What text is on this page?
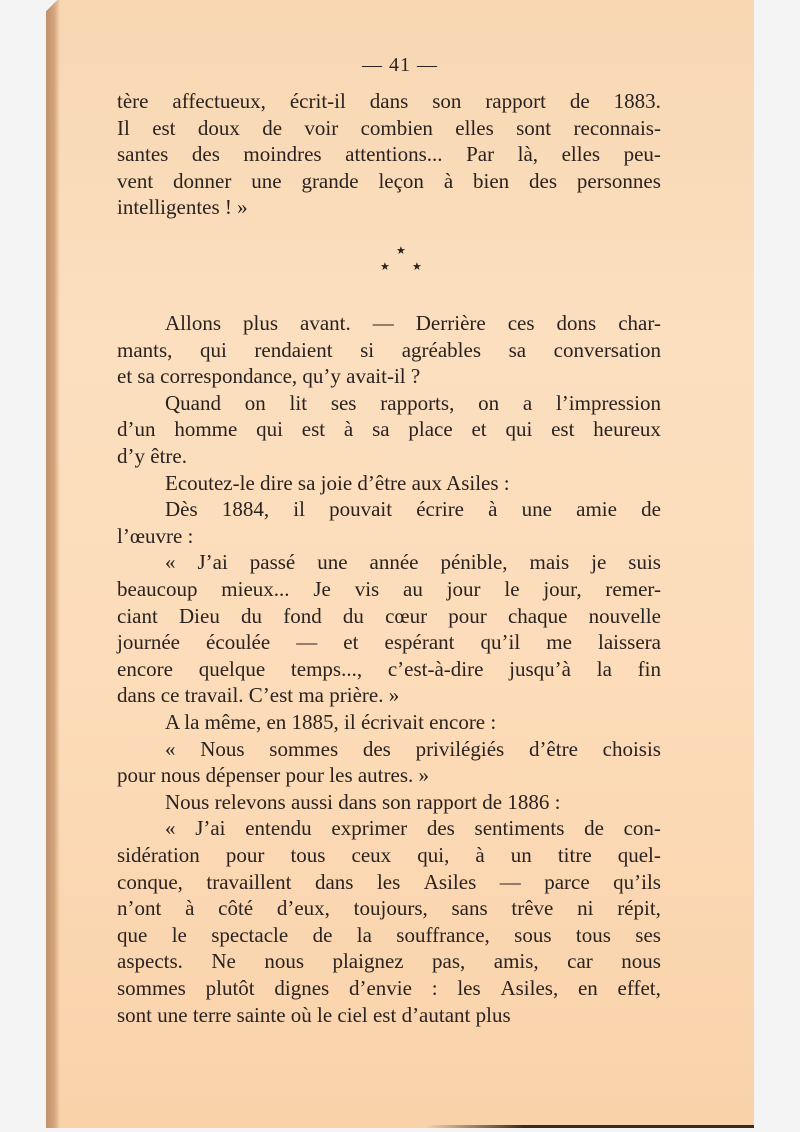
— 41 —
★
★ ★
tère affectueux, écrit-il dans son rapport de 1883.
Il est doux de voir combien elles sont reconnais-
santes des moindres attentions... Par là, elles peu-
vent donner une grande leçon à bien des personnes
intelligentes ! »
Allons plus avant. — Derrière ces dons char-
mants, qui rendaient si agréables sa conversation
et sa correspondance, qu’y avait-il ?
Quand on lit ses rapports, on a l’impression
d’un homme qui est à sa place et qui est heureux
d’y être.
Ecoutez-le dire sa joie d’être aux Asiles :
Dès 1884, il pouvait écrire à une amie de
l’œuvre :
« J’ai passé une année pénible, mais je suis
beaucoup mieux... Je vis au jour le jour, remer-
ciant Dieu du fond du cœur pour chaque nouvelle
journée écoulée — et espérant qu’il me laissera
encore quelque temps..., c’est-à-dire jusqu’à la fin
dans ce travail. C’est ma prière. »
A la même, en 1885, il écrivait encore :
« Nous sommes des privilégiés d’être choisis
pour nous dépenser pour les autres. »
Nous relevons aussi dans son rapport de 1886 :
« J’ai entendu exprimer des sentiments de con-
sidération pour tous ceux qui, à un titre quel-
conque, travaillent dans les Asiles — parce qu’ils
n’ont à côté d’eux, toujours, sans trêve ni répit,
que le spectacle de la souffrance, sous tous ses
aspects. Ne nous plaignez pas, amis, car nous
sommes plutôt dignes d’envie : les Asiles, en effet,
sont une terre sainte où le ciel est d’autant plus
